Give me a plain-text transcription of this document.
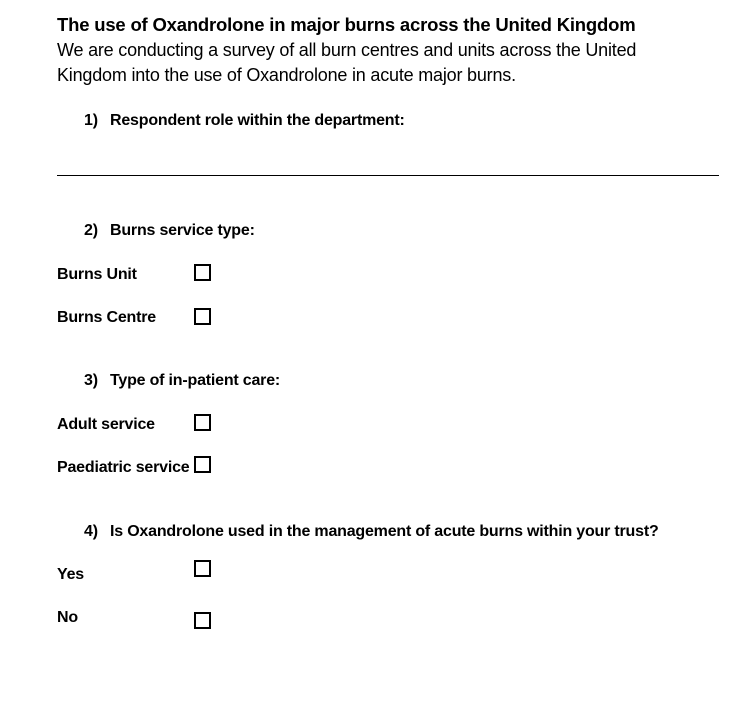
The use of Oxandrolone in major burns across the United Kingdom
We are conducting a survey of all burn centres and units across the United Kingdom into the use of Oxandrolone in acute major burns.
1) Respondent role within the department:
2) Burns service type:
Burns Unit
Burns Centre
3) Type of in-patient care:
Adult service
Paediatric service
4) Is Oxandrolone used in the management of acute burns within your trust?
Yes
No
